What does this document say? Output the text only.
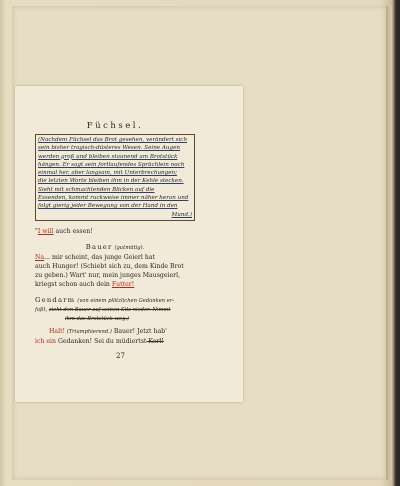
Füchsel.
(Nachdem Füchsel das Brot gesehen, verändert sich
sein bisher tragisch-düsteres Wesen. Seine Augen
werden groß und bleiben staunend am Brotstück
hängen. Er sagt sein fortlaufendes Sprüchlein noch
einmal her, aber langsam, mit Unterbrechungen;
die letzten Worte bleiben ihm in der Kehle stecken.
Sieht mit schmachtenden Blicken auf die
Essenden, kommt ruckweise immer näher heran und
folgt gierig jeder Bewegung von der Hand in den
Mund.)
"I will auch essen!
Bauer (gutmütig).
Na... mir scheint, das junge Geierl hat
auch Hunger! (Schiebt sich zu, dem Kinde Brot
zu geben.) Wart' nur, mein junges Mausgeierl,
kriegst schon auch dein Futter!
Gendarm (von einem plötzlichen Gedanken er-
faßt, zieht den Bauer auf seinen Sitz nieder. Nimmt
ihm das Brotstück weg.)
Halt! (Triumphierend.) Bauer! Jetzt hab'
ich ein Gedanken! Sei du müdiertst Kerl!
27
